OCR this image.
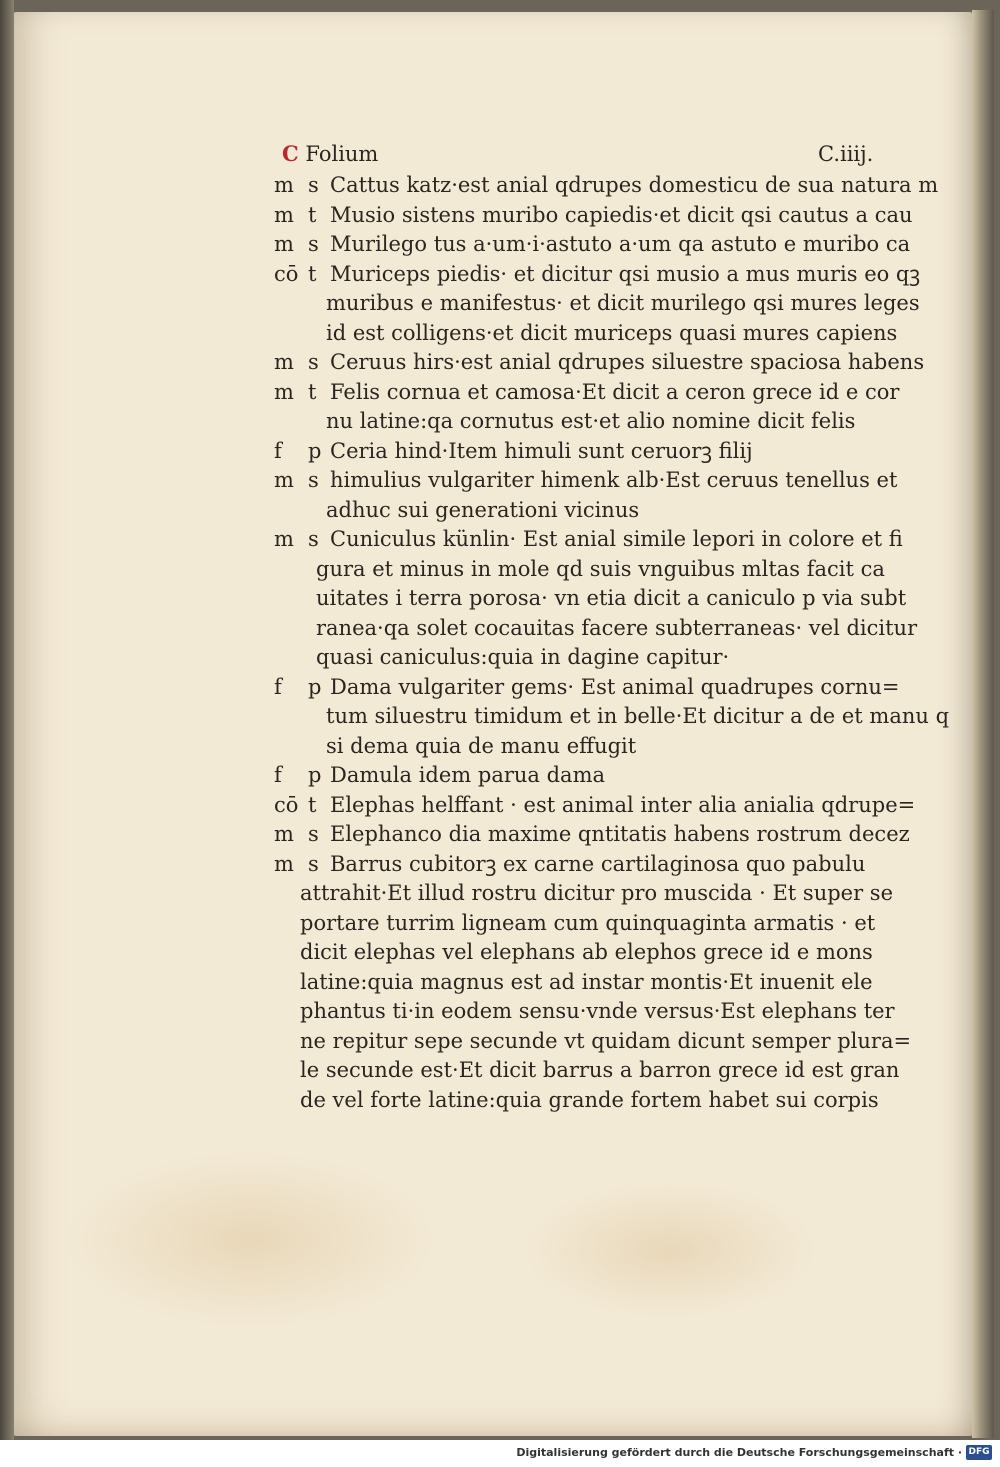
C Folium	C.iiij.
m s Cattus katz·est anial qdrupes domesticu de sua natura m
m t Musio sistens muribo capiedis·et dicit qsi cautus a cau
m s Murilego tus a·um·i·astuto a·um qa astuto e muribo ca
cō t Muriceps piedis· et dicitur qsi musio a mus muris eo qꝫ
muribus e manifestus· et dicit murilego qsi mures leges
id est colligens·et dicit muriceps quasi mures capiens
m s Ceruus hirs·est anial qdrupes siluestre spaciosa habens
m t Felis cornua et camosa·Et dicit a ceron grece id e cor
nu latine:qa cornutus est·et alio nomine dicit felis
f p Ceria hind·Item himuli sunt ceruorꝫ filij
m s himulius vulgariter himenk alb·Est ceruus tenellus et
adhuc sui generationi vicinus
m s Cuniculus künlin· Est anial simile lepori in colore et fi
gura et minus in mole qd suis vnguibus mltas facit ca
uitates i terra porosa· vn etia dicit a caniculo p via subt
ranea·qa solet cocauitas facere subterraneas· vel dicitur
quasi caniculus:quia in dagine capitur·
f p Dama vulgariter gems· Est animal quadrupes cornu=
tum siluestru timidum et in belle·Et dicitur a de et manu q
si dema quia de manu effugit
f p Damula idem parua dama
cō t Elephas helffant · est animal inter alia anialia qdrupe=
m s Elephanco dia maxime qntitatis habens rostrum decez
m s Barrus cubitorꝫ ex carne cartilaginosa quo pabulu
attrahit·Et illud rostru dicitur pro muscida · Et super se
portare turrim ligneam cum quinquaginta armatis · et
dicit elephas vel elephans ab elephos grece id e mons
latine:quia magnus est ad instar montis·Et inuenit ele
phantus ti·in eodem sensu·vnde versus·Est elephans ter
ne repitur sepe secunde vt quidam dicunt semper plura=
le secunde est·Et dicit barrus a barron grece id est gran
de vel forte latine:quia grande fortem habet sui corpis
Digitalisierung gefördert durch die Deutsche Forschungsgemeinschaft · DFG
